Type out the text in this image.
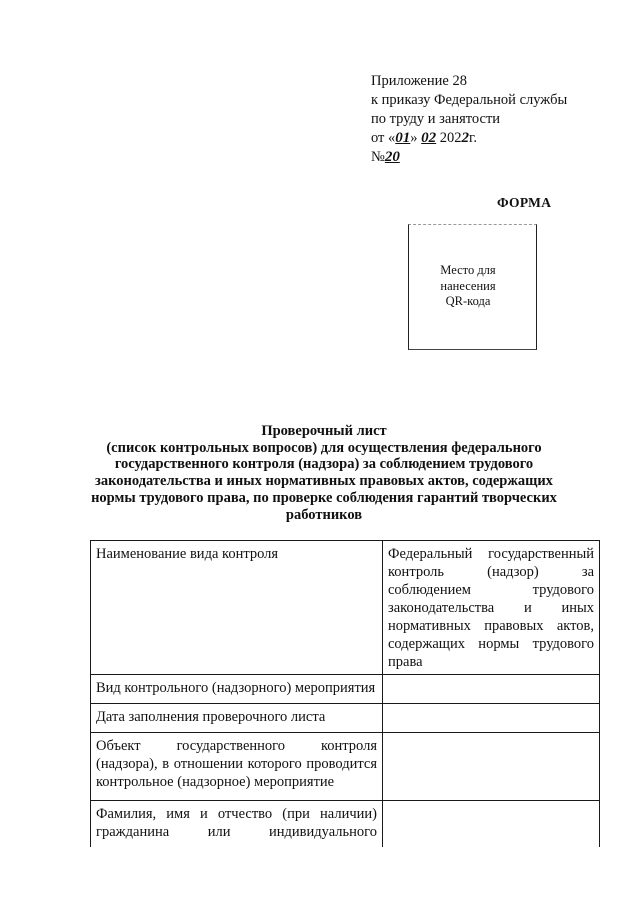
Приложение 28
к приказу Федеральной службы
по труду и занятости
от «01» 02 2022г.
№20
ФОРМА
Место для
нанесения
QR-кода
Проверочный лист
(список контрольных вопросов) для осуществления федерального
государственного контроля (надзора) за соблюдением трудового
законодательства и иных нормативных правовых актов, содержащих
нормы трудового права, по проверке соблюдения гарантий творческих
работников
Наименование вида контроля	Федеральный государственный контроль (надзор) за соблюдением трудового законодательства и иных нормативных правовых актов, содержащих нормы трудового права
Вид контрольного (надзорного) мероприятия	
Дата заполнения проверочного листа	
Объект государственного контроля (надзора), в отношении которого проводится контрольное (надзорное) мероприятие	
Фамилия, имя и отчество (при наличии) гражданина или индивидуального	
